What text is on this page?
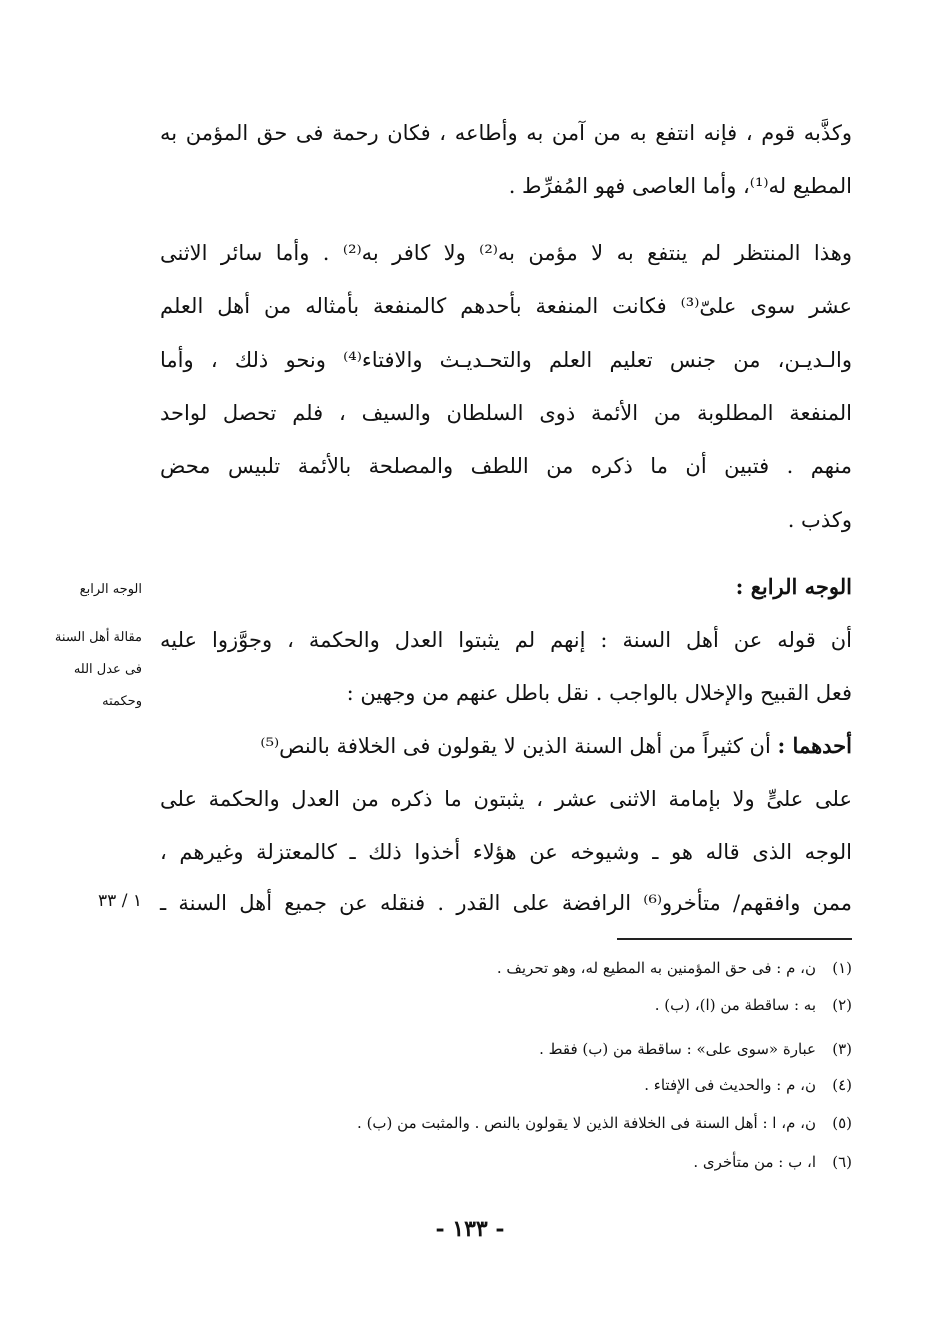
وكذَّبه قوم ، فإنه انتفع به من آمن به وأطاعه ، فكان رحمة فى حق المؤمن به
المطيع له⁽¹⁾، وأما العاصى فهو المُفرِّط .
وهذا المنتظر لم ينتفع به لا مؤمن به⁽²⁾ ولا كافر به⁽²⁾ . وأما سائر الاثنى
عشر سوى علىّ⁽³⁾ فكانت المنفعة بأحدهم كالمنفعة بأمثاله من أهل العلم
والـديـن، من جنس تعليم العلم والتحـديـث والافتاء⁽⁴⁾ ونحو ذلك ، وأما
المنفعة المطلوبة من الأئمة ذوى السلطان والسيف ، فلم تحصل لواحد
منهم . فتبين أن ما ذكره من اللطف والمصلحة بالأئمة تلبيس محض
وكذب .
الوجه الرابع :
أن قوله عن أهل السنة : إنهم لم يثبتوا العدل والحكمة ، وجوَّزوا عليه
فعل القبيح والإخلال بالواجب . نقل باطل عنهم من وجهين :
أحدهما : أن كثيراً من أهل السنة الذين لا يقولون فى الخلافة بالنص⁽⁵⁾
على علىٍّ ولا بإمامة الاثنى عشر ، يثبتون ما ذكره من العدل والحكمة على
الوجه الذى قاله هو ـ وشيوخه عن هؤلاء أخذوا ذلك ـ كالمعتزلة وغيرهم ،
ممن وافقهم/ متأخرو⁽⁶⁾ الرافضة على القدر . فنقله عن جميع أهل السنة ـ
الوجه الرابع
مقالة أهل السنة
فى عدل الله
وحكمته
١ / ٣٣
(١)ن، م : فى حق المؤمنين به المطيع له، وهو تحريف .
(٢)به : ساقطة من (ا)، (ب) .
(٣)عبارة «سوى على» : ساقطة من (ب) فقط .
(٤)ن، م : والحديث فى الإفتاء .
(٥)ن، م، ا : أهل السنة فى الخلافة الذين لا يقولون بالنص . والمثبت من (ب) .
(٦)ا، ب : من متأخرى .
- ١٣٣ -
